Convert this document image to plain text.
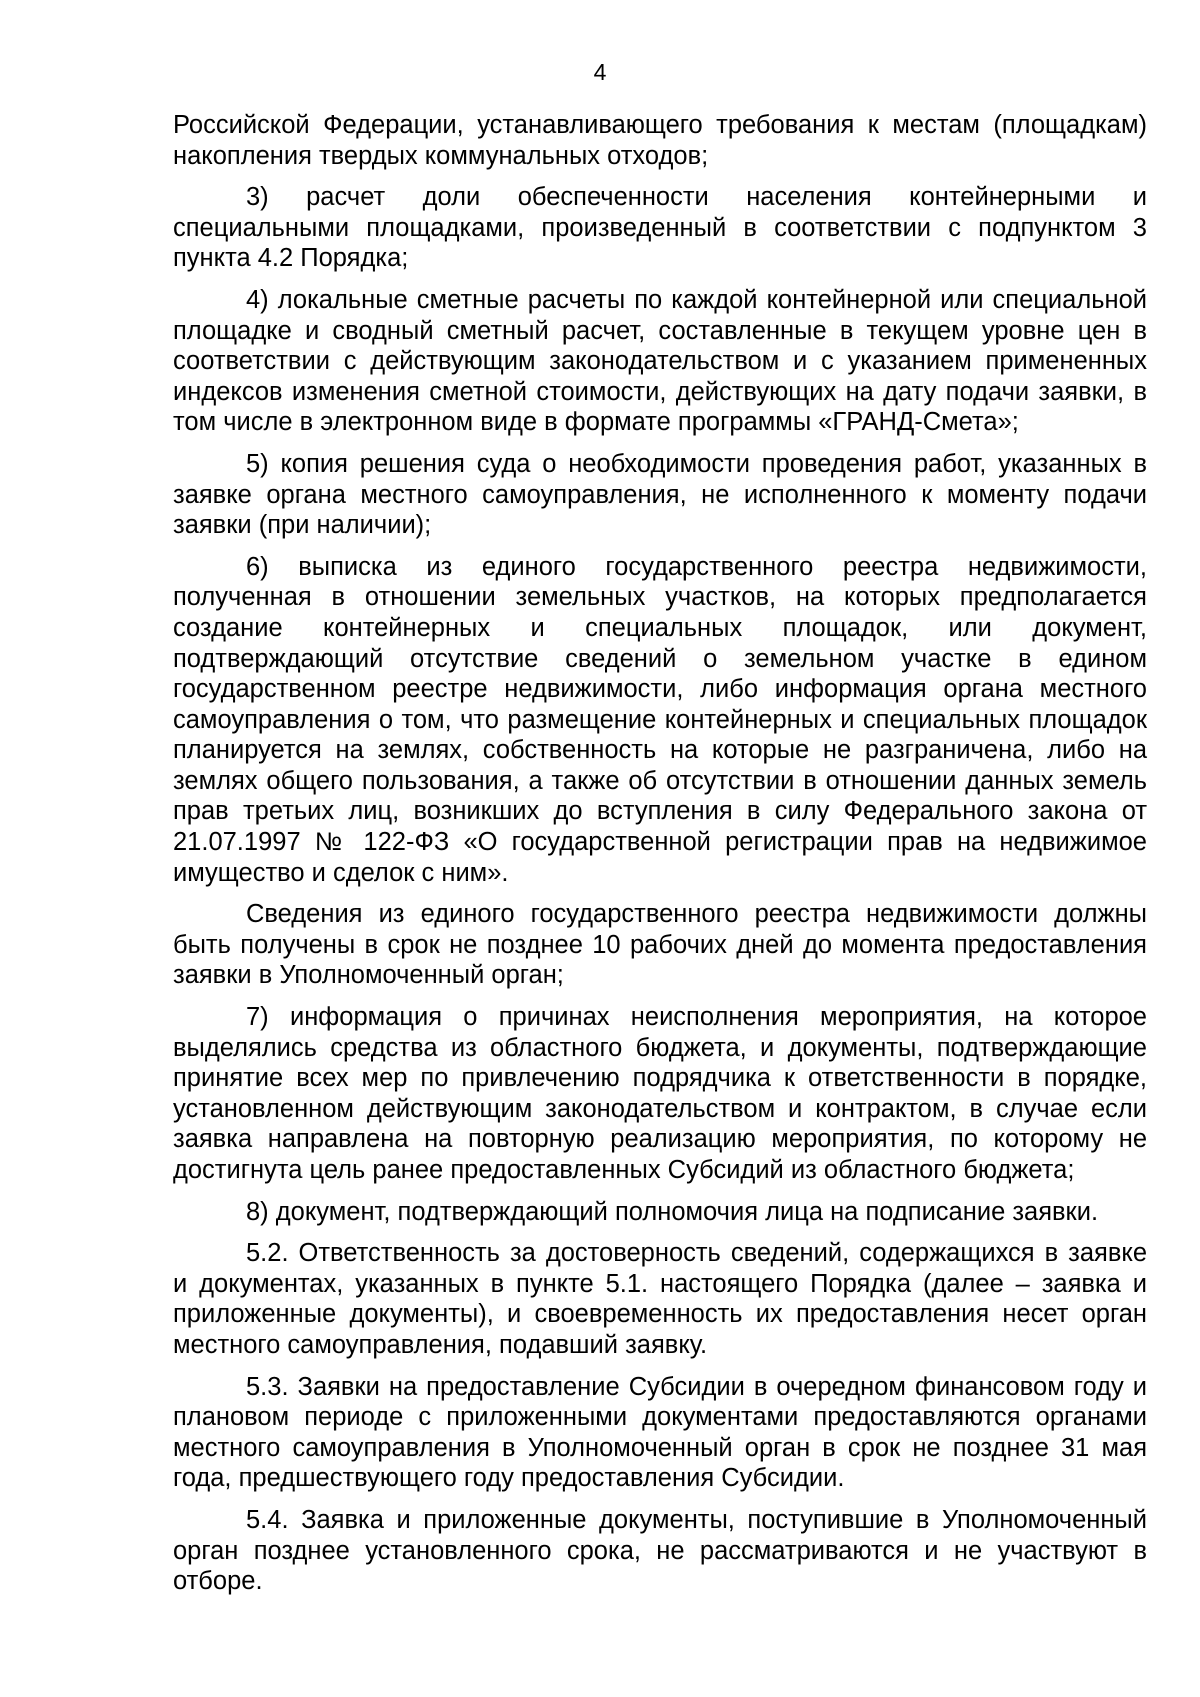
4

Российской Федерации, устанавливающего требования к местам (площадкам) накопления твердых коммунальных отходов;

3) расчет доли обеспеченности населения контейнерными и специальными площадками, произведенный в соответствии с подпунктом 3 пункта 4.2 Порядка;

4) локальные сметные расчеты по каждой контейнерной или специальной площадке и сводный сметный расчет, составленные в текущем уровне цен в соответствии с действующим законодательством и с указанием примененных индексов изменения сметной стоимости, действующих на дату подачи заявки, в том числе в электронном виде в формате программы «ГРАНД-Смета»;

5) копия решения суда о необходимости проведения работ, указанных в заявке органа местного самоуправления, не исполненного к моменту подачи заявки (при наличии);

6) выписка из единого государственного реестра недвижимости, полученная в отношении земельных участков, на которых предполагается создание контейнерных и специальных площадок, или документ, подтверждающий отсутствие сведений о земельном участке в едином государственном реестре недвижимости, либо информация органа местного самоуправления о том, что размещение контейнерных и специальных площадок планируется на землях, собственность на которые не разграничена, либо на землях общего пользования, а также об отсутствии в отношении данных земель прав третьих лиц, возникших до вступления в силу Федерального закона от 21.07.1997 № 122-ФЗ «О государственной регистрации прав на недвижимое имущество и сделок с ним».

Сведения из единого государственного реестра недвижимости должны быть получены в срок не позднее 10 рабочих дней до момента предоставления заявки в Уполномоченный орган;

7) информация о причинах неисполнения мероприятия, на которое выделялись средства из областного бюджета, и документы, подтверждающие принятие всех мер по привлечению подрядчика к ответственности в порядке, установленном действующим законодательством и контрактом, в случае если заявка направлена на повторную реализацию мероприятия, по которому не достигнута цель ранее предоставленных Субсидий из областного бюджета;

8) документ, подтверждающий полномочия лица на подписание заявки.

5.2. Ответственность за достоверность сведений, содержащихся в заявке и документах, указанных в пункте 5.1. настоящего Порядка (далее – заявка и приложенные документы), и своевременность их предоставления несет орган местного самоуправления, подавший заявку.

5.3. Заявки на предоставление Субсидии в очередном финансовом году и плановом периоде с приложенными документами предоставляются органами местного самоуправления в Уполномоченный орган в срок не позднее 31 мая года, предшествующего году предоставления Субсидии.

5.4. Заявка и приложенные документы, поступившие в Уполномоченный орган позднее установленного срока, не рассматриваются и не участвуют в отборе.
